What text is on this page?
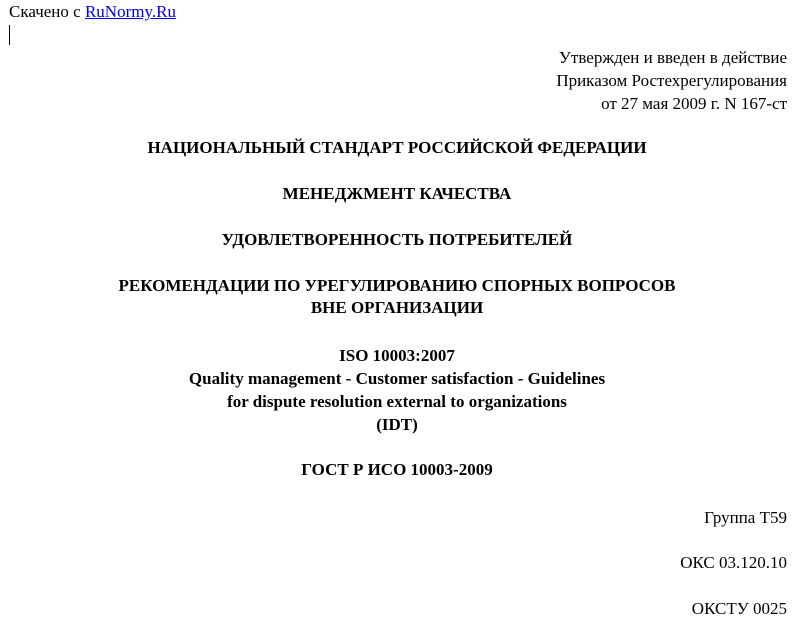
Скачено с RuNormy.Ru
Утвержден и введен в действие
Приказом Ростехрегулирования
от 27 мая 2009 г. N 167-ст
НАЦИОНАЛЬНЫЙ СТАНДАРТ РОССИЙСКОЙ ФЕДЕРАЦИИ
МЕНЕДЖМЕНТ КАЧЕСТВА
УДОВЛЕТВОРЕННОСТЬ ПОТРЕБИТЕЛЕЙ
РЕКОМЕНДАЦИИ ПО УРЕГУЛИРОВАНИЮ СПОРНЫХ ВОПРОСОВ
ВНЕ ОРГАНИЗАЦИИ
ISO 10003:2007
Quality management - Customer satisfaction - Guidelines
for dispute resolution external to organizations
(IDT)
ГОСТ Р ИСО 10003-2009
Группа Т59
ОКС 03.120.10
ОКСТУ 0025
